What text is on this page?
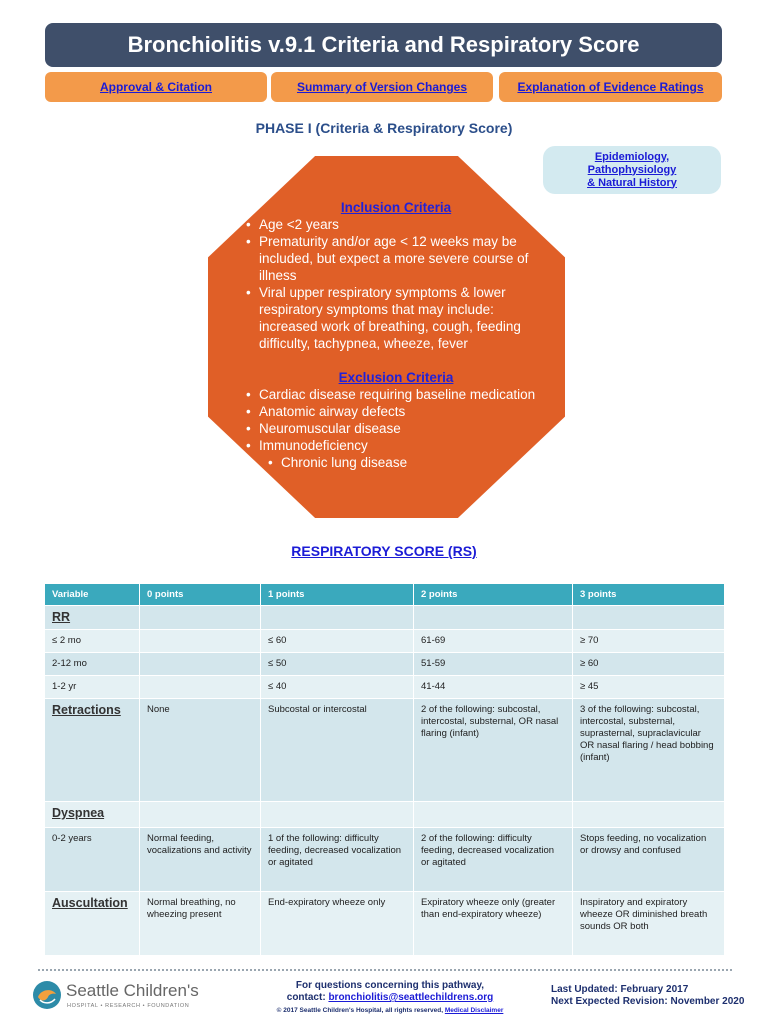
Bronchiolitis v.9.1 Criteria and Respiratory Score
Approval & Citation	Summary of Version Changes	Explanation of Evidence Ratings
PHASE I (Criteria & Respiratory Score)
Epidemiology,
Pathophysiology
& Natural History
Inclusion Criteria
• Age <2 years
• Prematurity and/or age < 12 weeks may be included, but expect a more severe course of illness
• Viral upper respiratory symptoms & lower respiratory symptoms that may include: increased work of breathing, cough, feeding difficulty, tachypnea, wheeze, fever
Exclusion Criteria
• Cardiac disease requiring baseline medication
• Anatomic airway defects
• Neuromuscular disease
• Immunodeficiency
• Chronic lung disease
RESPIRATORY SCORE (RS)
Variable	0 points	1 points	2 points	3 points
RR				
≤ 2 mo		≤ 60	61-69	≥ 70
2-12 mo		≤ 50	51-59	≥ 60
1-2 yr		≤ 40	41-44	≥ 45
Retractions	None	Subcostal or intercostal	2 of the following: subcostal, intercostal, substernal, OR nasal flaring (infant)	3 of the following: subcostal, intercostal, substernal, suprasternal, supraclavicular OR nasal flaring / head bobbing (infant)
Dyspnea				
0-2 years	Normal feeding, vocalizations and activity	1 of the following: difficulty feeding, decreased vocalization or agitated	2 of the following: difficulty feeding, decreased vocalization or agitated	Stops feeding, no vocalization or drowsy and confused
Auscultation	Normal breathing, no wheezing present	End-expiratory wheeze only	Expiratory wheeze only (greater than end-expiratory wheeze)	Inspiratory and expiratory wheeze OR diminished breath sounds OR both
Seattle Children's
HOSPITAL • RESEARCH • FOUNDATION
For questions concerning this pathway,
contact: bronchiolitis@seattlechildrens.org
© 2017 Seattle Children's Hospital, all rights reserved, Medical Disclaimer
Last Updated: February 2017
Next Expected Revision: November 2020
